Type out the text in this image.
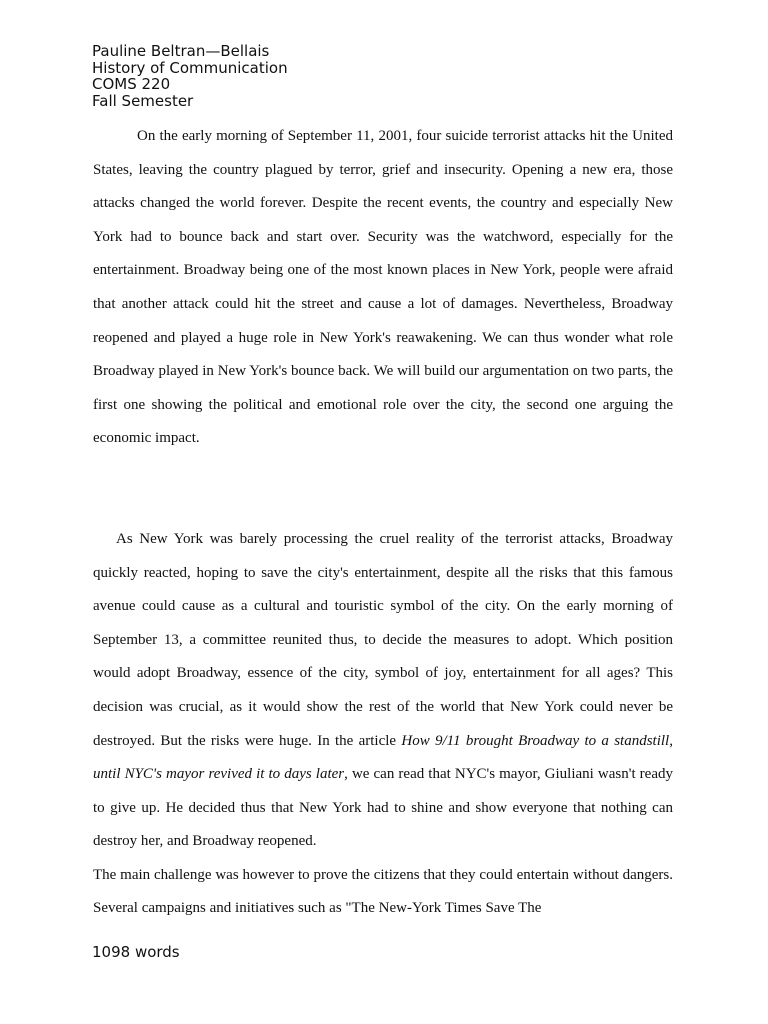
Pauline Beltran—Bellais
History of Communication
COMS 220
Fall Semester

On the early morning of September 11, 2001, four suicide terrorist attacks hit the United States, leaving the country plagued by terror, grief and insecurity. Opening a new era, those attacks changed the world forever. Despite the recent events, the country and especially New York had to bounce back and start over. Security was the watchword, especially for the entertainment. Broadway being one of the most known places in New York, people were afraid that another attack could hit the street and cause a lot of damages. Nevertheless, Broadway reopened and played a huge role in New York's reawakening. We can thus wonder what role Broadway played in New York's bounce back. We will build our argumentation on two parts, the first one showing the political and emotional role over the city, the second one arguing the economic impact.

As New York was barely processing the cruel reality of the terrorist attacks, Broadway quickly reacted, hoping to save the city's entertainment, despite all the risks that this famous avenue could cause as a cultural and touristic symbol of the city. On the early morning of September 13, a committee reunited thus, to decide the measures to adopt. Which position would adopt Broadway, essence of the city, symbol of joy, entertainment for all ages? This decision was crucial, as it would show the rest of the world that New York could never be destroyed. But the risks were huge. In the article How 9/11 brought Broadway to a standstill, until NYC's mayor revived it to days later, we can read that NYC's mayor, Giuliani wasn't ready to give up. He decided thus that New York had to shine and show everyone that nothing can destroy her, and Broadway reopened.

The main challenge was however to prove the citizens that they could entertain without dangers. Several campaigns and initiatives such as "The New-York Times Save The

1098 words
